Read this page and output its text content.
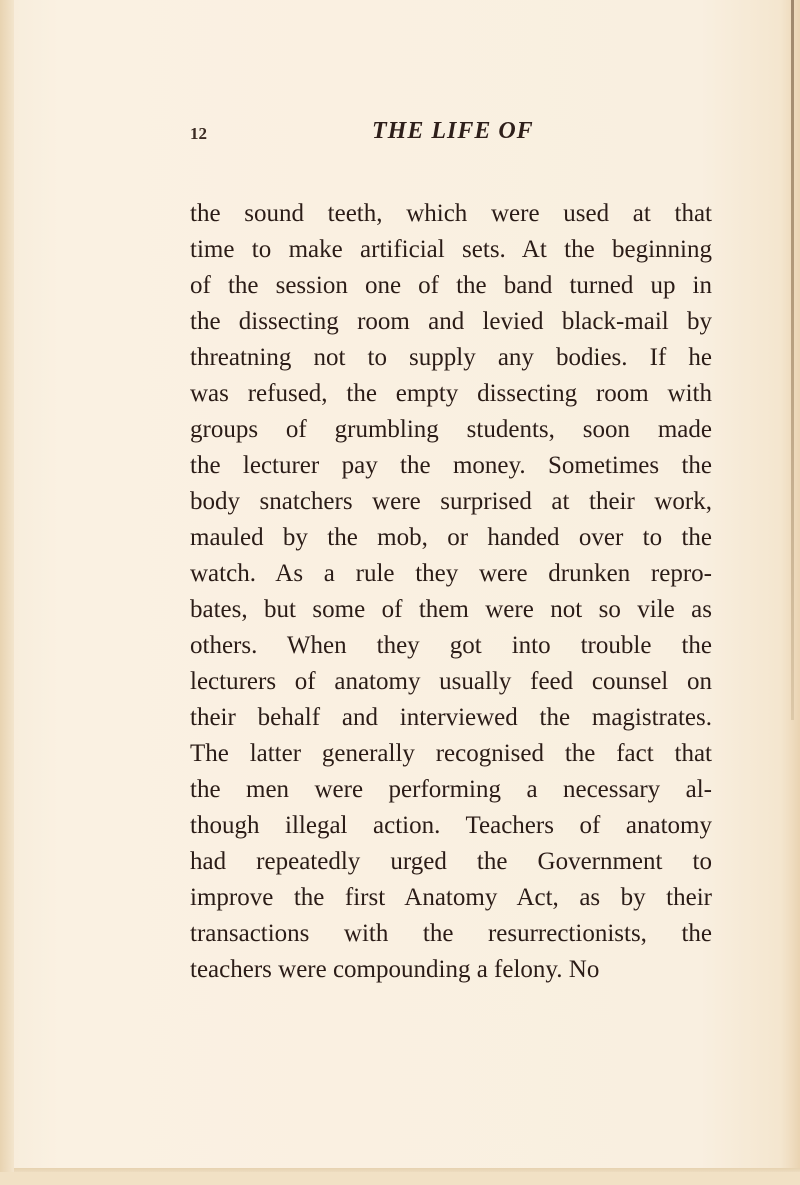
12	THE LIFE OF
the sound teeth, which were used at that
time to make artificial sets. At the beginning
of the session one of the band turned up in
the dissecting room and levied black-mail by
threatning not to supply any bodies. If he
was refused, the empty dissecting room with
groups of grumbling students, soon made
the lecturer pay the money. Sometimes the
body snatchers were surprised at their work,
mauled by the mob, or handed over to the
watch. As a rule they were drunken repro-
bates, but some of them were not so vile as
others. When they got into trouble the
lecturers of anatomy usually feed counsel on
their behalf and interviewed the magistrates.
The latter generally recognised the fact that
the men were performing a necessary al-
though illegal action. Teachers of anatomy
had repeatedly urged the Government to
improve the first Anatomy Act, as by their
transactions with the resurrectionists, the
teachers were compounding a felony. No
